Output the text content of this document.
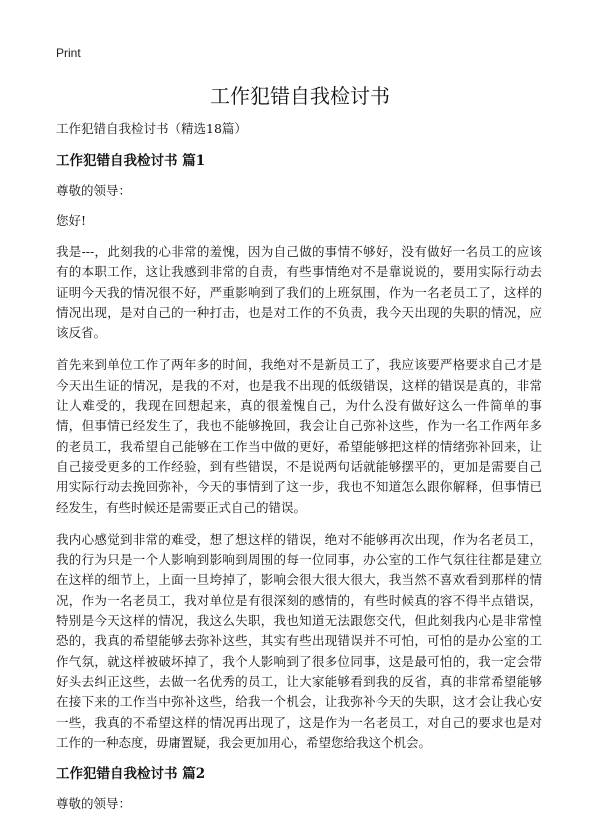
Print
工作犯错自我检讨书

工作犯错自我检讨书（精选18篇）

工作犯错自我检讨书 篇1

尊敬的领导：

您好!

我是---，此刻我的心非常的羞愧，因为自己做的事情不够好，没有做好一名员工的应该有的本职工作，这让我感到非常的自责，有些事情绝对不是靠说说的，要用实际行动去证明今天我的情况很不好，严重影响到了我们的上班氛围，作为一名老员工了，这样的情况出现，是对自己的一种打击，也是对工作的不负责，我今天出现的失职的情况，应该反省。

首先来到单位工作了两年多的时间，我绝对不是新员工了，我应该要严格要求自己才是今天出生证的情况，是我的不对，也是我不出现的低级错误，这样的错误是真的，非常让人难受的，我现在回想起来，真的很羞愧自己，为什么没有做好这么一件简单的事情，但事情已经发生了，我也不能够挽回，我会让自己弥补这些，作为一名工作两年多的老员工，我希望自己能够在工作当中做的更好，希望能够把这样的情绪弥补回来，让自己接受更多的工作经验，到有些错误，不是说两句话就能够摆平的，更加是需要自己用实际行动去挽回弥补，今天的事情到了这一步，我也不知道怎么跟你解释，但事情已经发生，有些时候还是需要正式自己的错误。

我内心感觉到非常的难受，想了想这样的错误，绝对不能够再次出现，作为名老员工，我的行为只是一个人影响到影响到周围的每一位同事，办公室的工作气氛往往都是建立在这样的细节上，上面一旦垮掉了，影响会很大很大很大，我当然不喜欢看到那样的情况，作为一名老员工，我对单位是有很深刻的感情的，有些时候真的容不得半点错误，特别是今天这样的情况，我这么失职，我也知道无法跟您交代，但此刻我内心是非常惶恐的，我真的希望能够去弥补这些，其实有些出现错误并不可怕，可怕的是办公室的工作气氛，就这样被破坏掉了，我个人影响到了很多位同事，这是最可怕的，我一定会带好头去纠正这些，去做一名优秀的员工，让大家能够看到我的反省，真的非常希望能够在接下来的工作当中弥补这些，给我一个机会，让我弥补今天的失职，这才会让我心安一些，我真的不希望这样的情况再出现了，这是作为一名老员工，对自己的要求也是对工作的一种态度，毋庸置疑，我会更加用心，希望您给我这个机会。

工作犯错自我检讨书 篇2

尊敬的领导：
